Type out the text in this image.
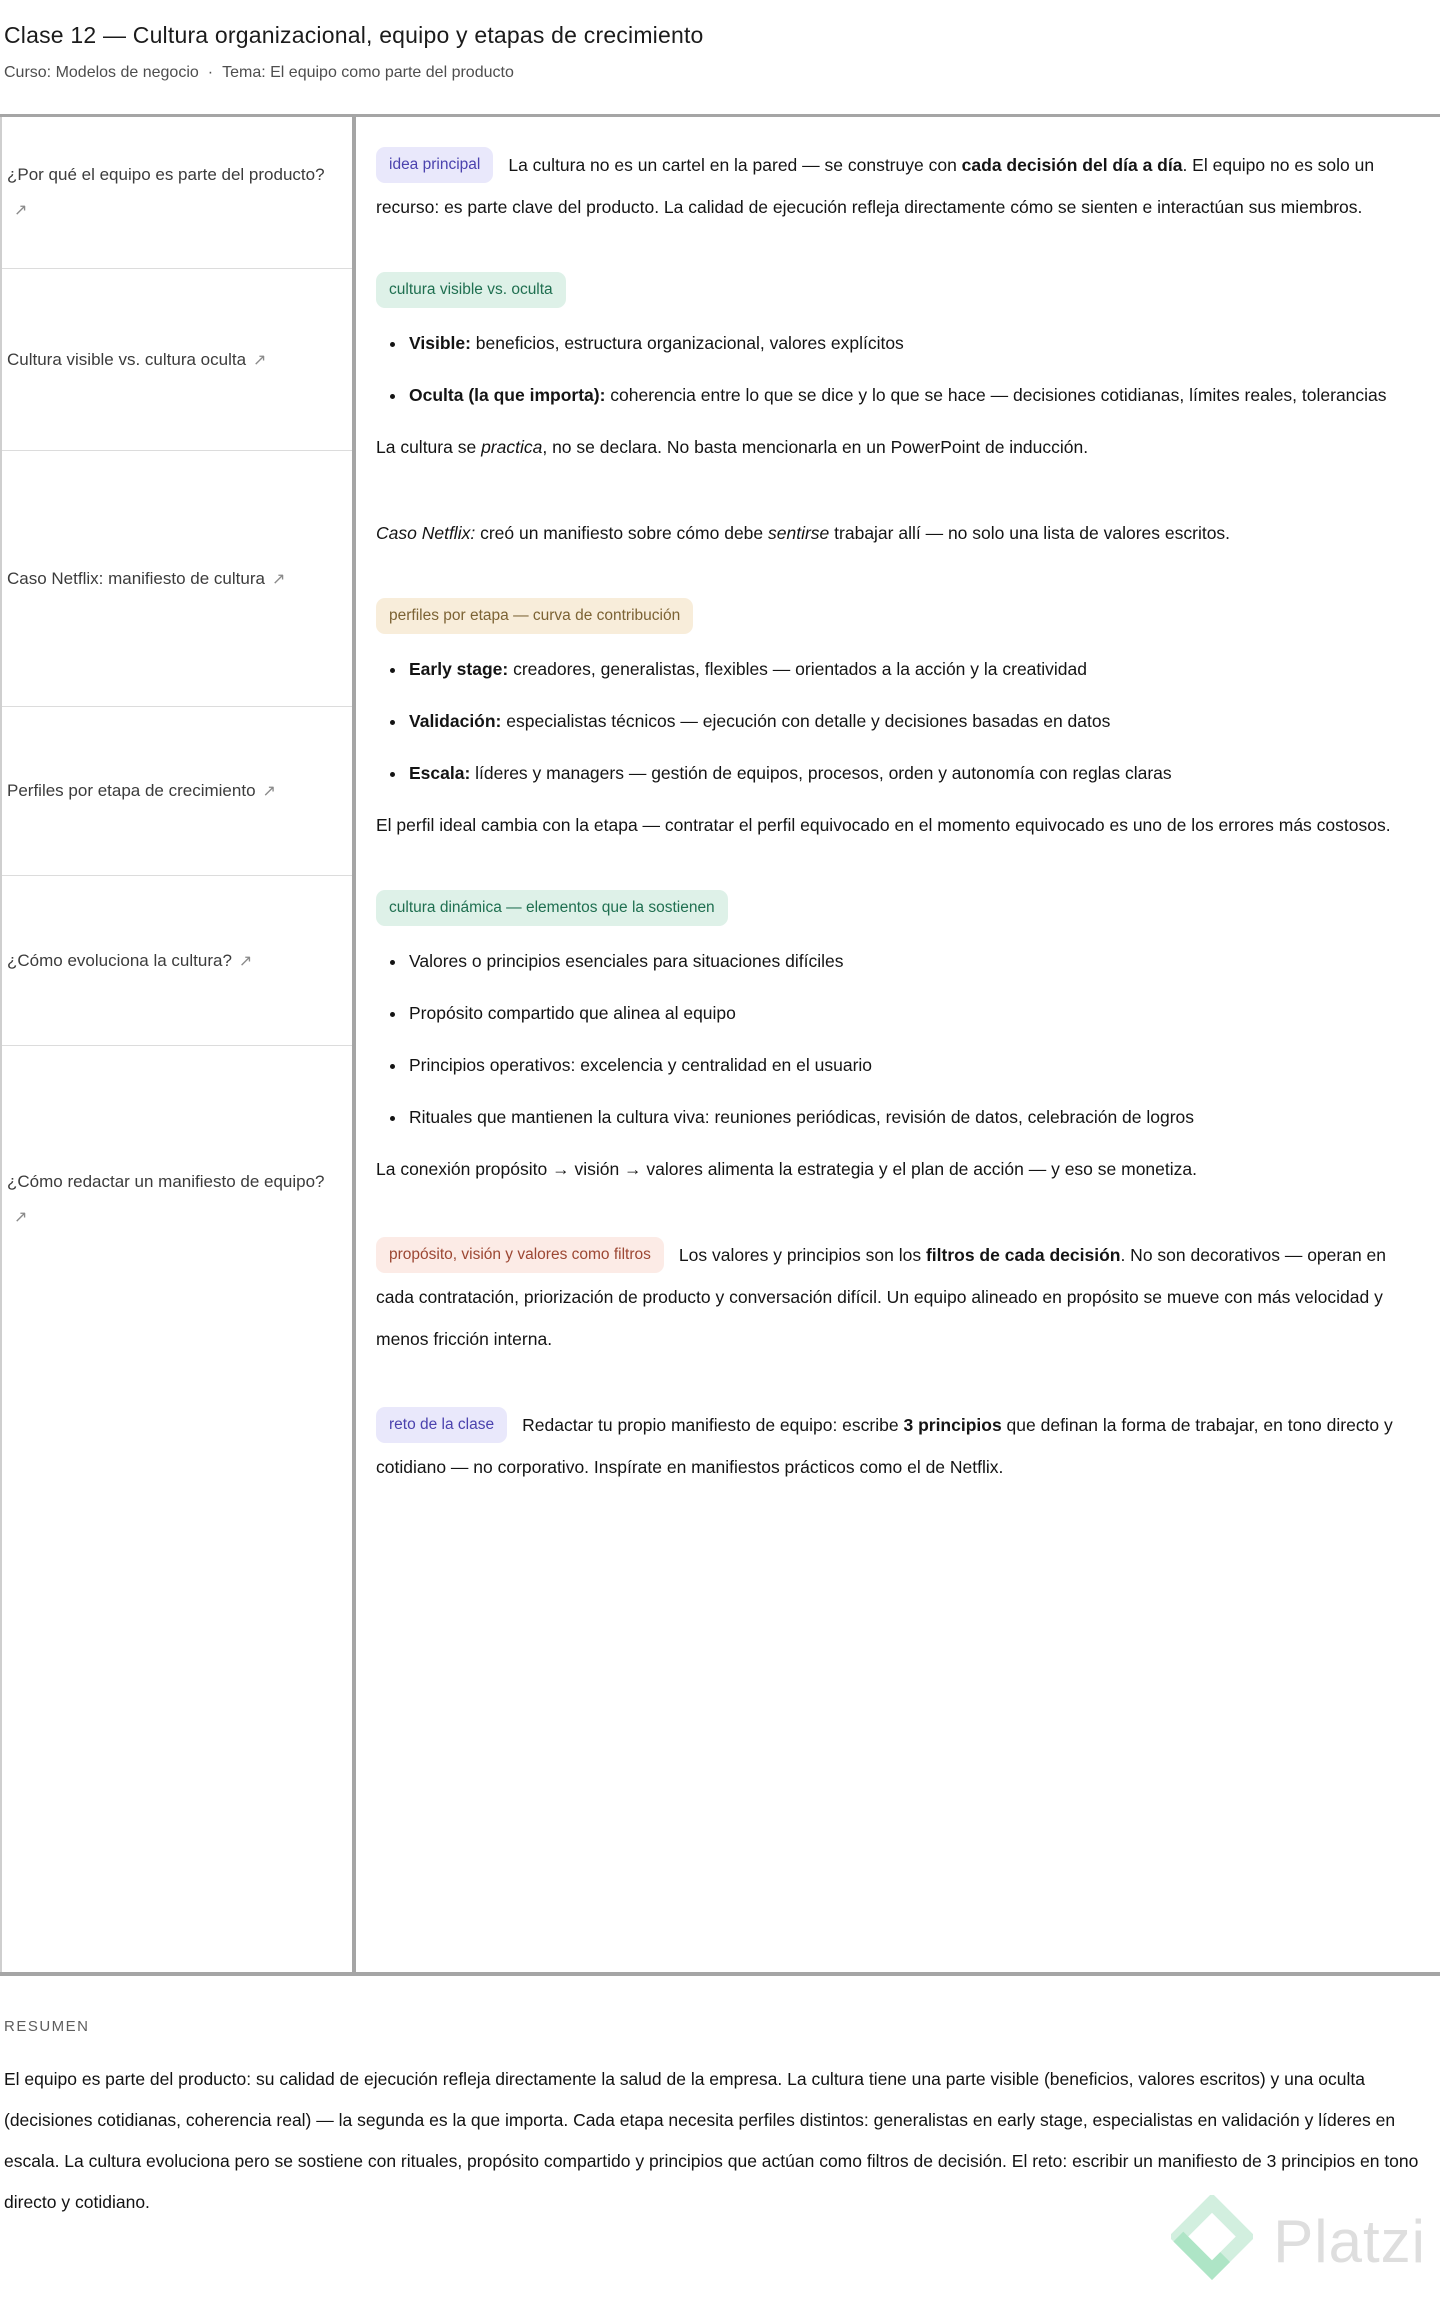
Clase 12 — Cultura organizacional, equipo y etapas de crecimiento
Curso: Modelos de negocio · Tema: El equipo como parte del producto
¿Por qué el equipo es parte del producto?↗
Cultura visible vs. cultura oculta ↗
Caso Netflix: manifiesto de cultura ↗
Perfiles por etapa de crecimiento ↗
¿Cómo evoluciona la cultura? ↗
¿Cómo redactar un manifiesto de equipo?↗

idea principal La cultura no es un cartel en la pared — se construye con cada decisión del día a día. El equipo no es solo un recurso: es parte clave del producto. La calidad de ejecución refleja directamente cómo se sienten e interactúan sus miembros.

cultura visible vs. oculta
• Visible: beneficios, estructura organizacional, valores explícitos
• Oculta (la que importa): coherencia entre lo que se dice y lo que se hace — decisiones cotidianas, límites reales, tolerancias

La cultura se practica, no se declara. No basta mencionarla en un PowerPoint de inducción.

Caso Netflix: creó un manifiesto sobre cómo debe sentirse trabajar allí — no solo una lista de valores escritos.

perfiles por etapa — curva de contribución
• Early stage: creadores, generalistas, flexibles — orientados a la acción y la creatividad
• Validación: especialistas técnicos — ejecución con detalle y decisiones basadas en datos
• Escala: líderes y managers — gestión de equipos, procesos, orden y autonomía con reglas claras

El perfil ideal cambia con la etapa — contratar el perfil equivocado en el momento equivocado es uno de los errores más costosos.

cultura dinámica — elementos que la sostienen
• Valores o principios esenciales para situaciones difíciles
• Propósito compartido que alinea al equipo
• Principios operativos: excelencia y centralidad en el usuario
• Rituales que mantienen la cultura viva: reuniones periódicas, revisión de datos, celebración de logros

La conexión propósito → visión → valores alimenta la estrategia y el plan de acción — y eso se monetiza.

propósito, visión y valores como filtros Los valores y principios son los filtros de cada decisión. No son decorativos — operan en cada contratación, priorización de producto y conversación difícil. Un equipo alineado en propósito se mueve con más velocidad y menos fricción interna.

reto de la clase Redactar tu propio manifiesto de equipo: escribe 3 principios que definan la forma de trabajar, en tono directo y cotidiano — no corporativo. Inspírate en manifiestos prácticos como el de Netflix.

RESUMEN

El equipo es parte del producto: su calidad de ejecución refleja directamente la salud de la empresa. La cultura tiene una parte visible (beneficios, valores escritos) y una oculta (decisiones cotidianas, coherencia real) — la segunda es la que importa. Cada etapa necesita perfiles distintos: generalistas en early stage, especialistas en validación y líderes en escala. La cultura evoluciona pero se sostiene con rituales, propósito compartido y principios que actúan como filtros de decisión. El reto: escribir un manifiesto de 3 principios en tono directo y cotidiano.

Platzi
